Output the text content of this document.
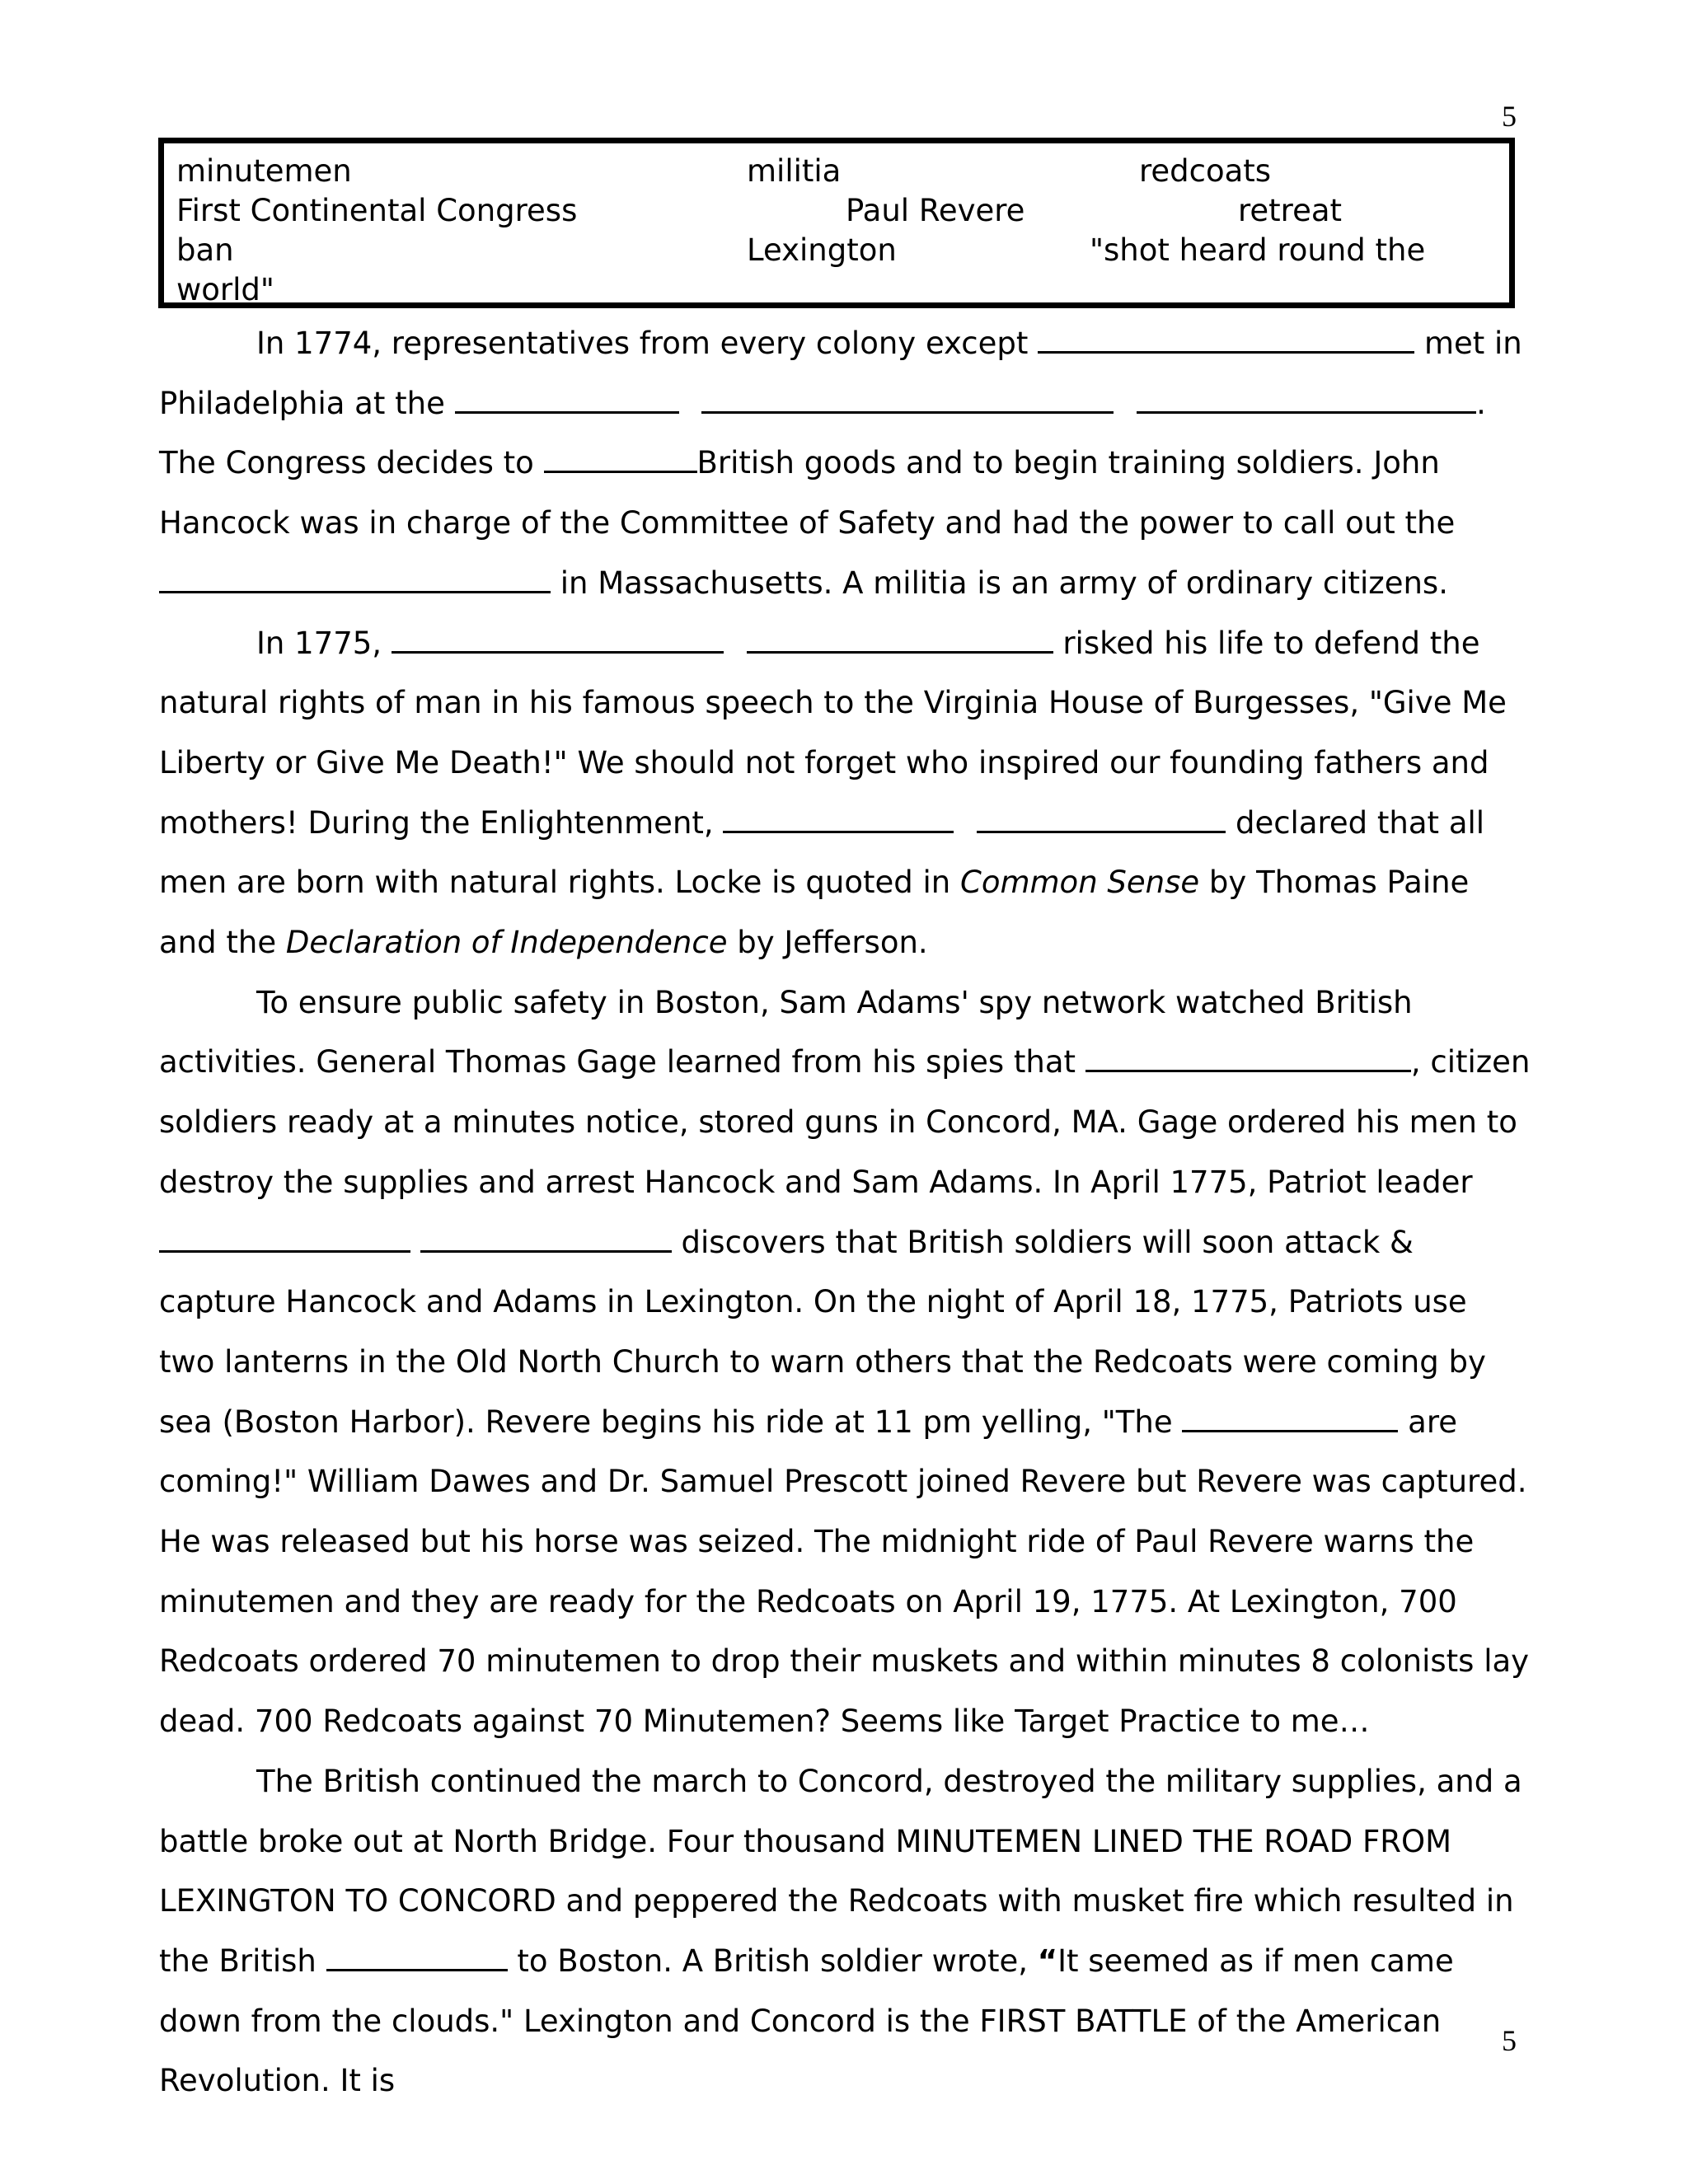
5
minutemen	militia	redcoats
First Continental Congress	Paul Revere	retreat
ban	Lexington	"shot heard round the
world"

In 1774, representatives from every colony except	met in Philadelphia at the	. The Congress decides to	British goods and to begin training soldiers. John Hancock was in charge of the Committee of Safety and had the power to call out the  in Massachusetts. A militia is an army of ordinary citizens.

In 1775,	risked his life to defend the natural rights of man in his famous speech to the Virginia House of Burgesses, "Give Me Liberty or Give Me Death!" We should not forget who inspired our founding fathers and mothers! During the Enlightenment,	declared that all men are born with natural rights. Locke is quoted in Common Sense by Thomas Paine and the Declaration of Independence by Jefferson.

To ensure public safety in Boston, Sam Adams' spy network watched British activities. General Thomas Gage learned from his spies that	, citizen soldiers ready at a minutes notice, stored guns in Concord, MA. Gage ordered his men to destroy the supplies and arrest Hancock and Sam Adams. In April 1775, Patriot leader   discovers that British soldiers will soon attack & capture Hancock and Adams in Lexington. On the night of April 18, 1775, Patriots use two lanterns in the Old North Church to warn others that the Redcoats were coming by sea (Boston Harbor). Revere begins his ride at 11 pm yelling, "The	are coming!" William Dawes and Dr. Samuel Prescott joined Revere but Revere was captured. He was released but his horse was seized. The midnight ride of Paul Revere warns the minutemen and they are ready for the Redcoats on April 19, 1775. At Lexington, 700 Redcoats ordered 70 minutemen to drop their muskets and within minutes 8 colonists lay dead. 700 Redcoats against 70 Minutemen? Seems like Target Practice to me…

The British continued the march to Concord, destroyed the military supplies, and a battle broke out at North Bridge. Four thousand MINUTEMEN LINED THE ROAD FROM LEXINGTON TO CONCORD and peppered the Redcoats with musket fire which resulted in the British	to Boston. A British soldier wrote, “It seemed as if men came down from the clouds." Lexington and Concord is the FIRST BATTLE of the American Revolution. It is

5
